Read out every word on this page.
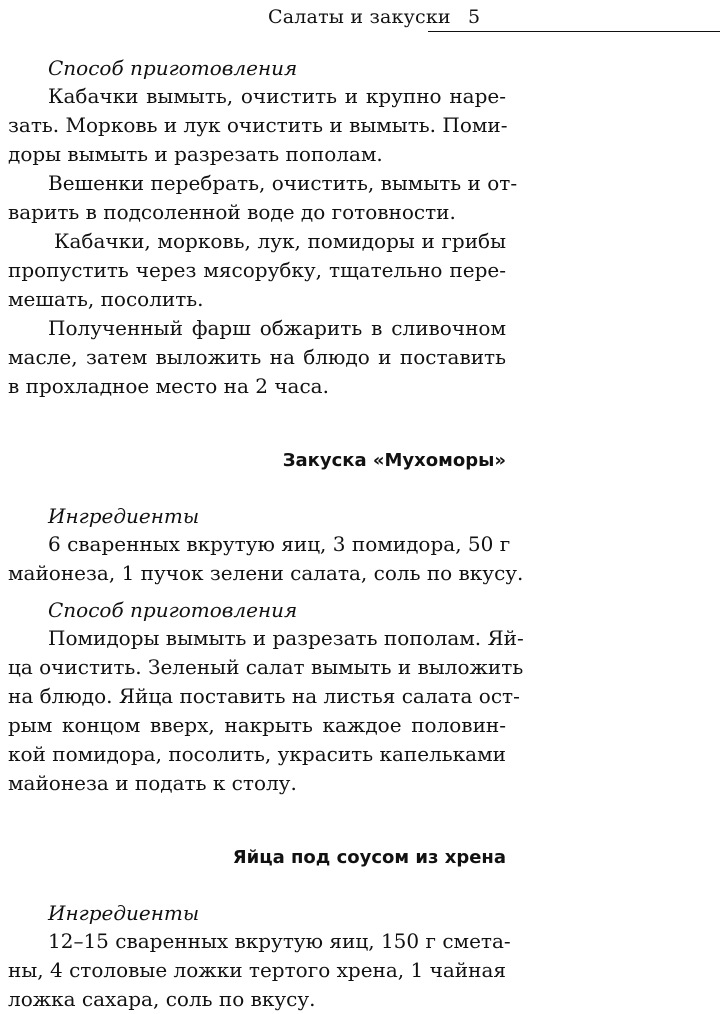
Салаты и закуски 5

Способ приготовления

Кабачки вымыть, очистить и крупно наре-
зать. Морковь и лук очистить и вымыть. Поми-
доры вымыть и разрезать пополам.

Вешенки перебрать, очистить, вымыть и от-
варить в подсоленной воде до готовности.

Кабачки, морковь, лук, помидоры и грибы
пропустить через мясорубку, тщательно пере-
мешать, посолить.

Полученный фарш обжарить в сливочном
масле, затем выложить на блюдо и поставить
в прохладное место на 2 часа.

Закуска «Мухоморы»

Ингредиенты

6 сваренных вкрутую яиц, 3 помидора, 50 г
майонеза, 1 пучок зелени салата, соль по вкусу.

Способ приготовления

Помидоры вымыть и разрезать пополам. Яй-
ца очистить. Зеленый салат вымыть и выложить
на блюдо. Яйца поставить на листья салата ост-
рым концом вверх, накрыть каждое половин-
кой помидора, посолить, украсить капельками
майонеза и подать к столу.

Яйца под соусом из хрена

Ингредиенты

12–15 сваренных вкрутую яиц, 150 г смета-
ны, 4 столовые ложки тертого хрена, 1 чайная
ложка сахара, соль по вкусу.
